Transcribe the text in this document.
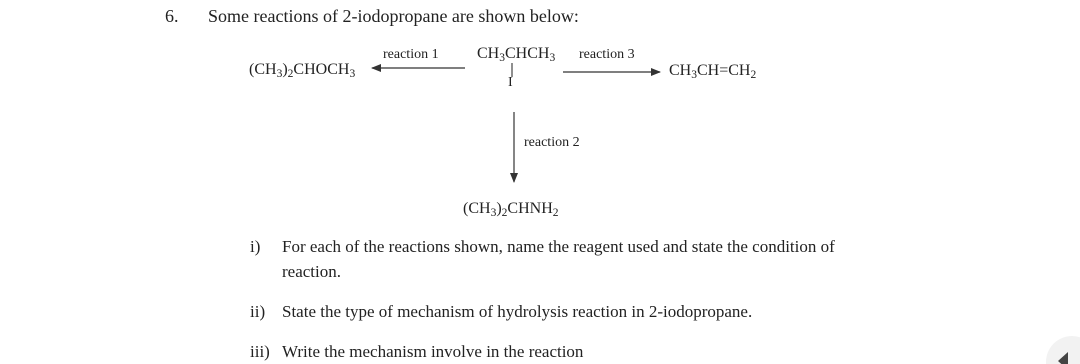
6. Some reactions of 2-iodopropane are shown below:
$(CH_3)_2CHOCH_3$
reaction 1 $CH_3CHCH_3$
I
reaction 3
$CH_3CH=CH_2$
reaction 2
$(CH_3)_2CHNH_2$
i) For each of the reactions shown, name the reagent used and state the condition of
reaction.
ii) State the type of mechanism of hydrolysis reaction in 2-iodopropane.
iii) Write the mechanism involve in the reaction
